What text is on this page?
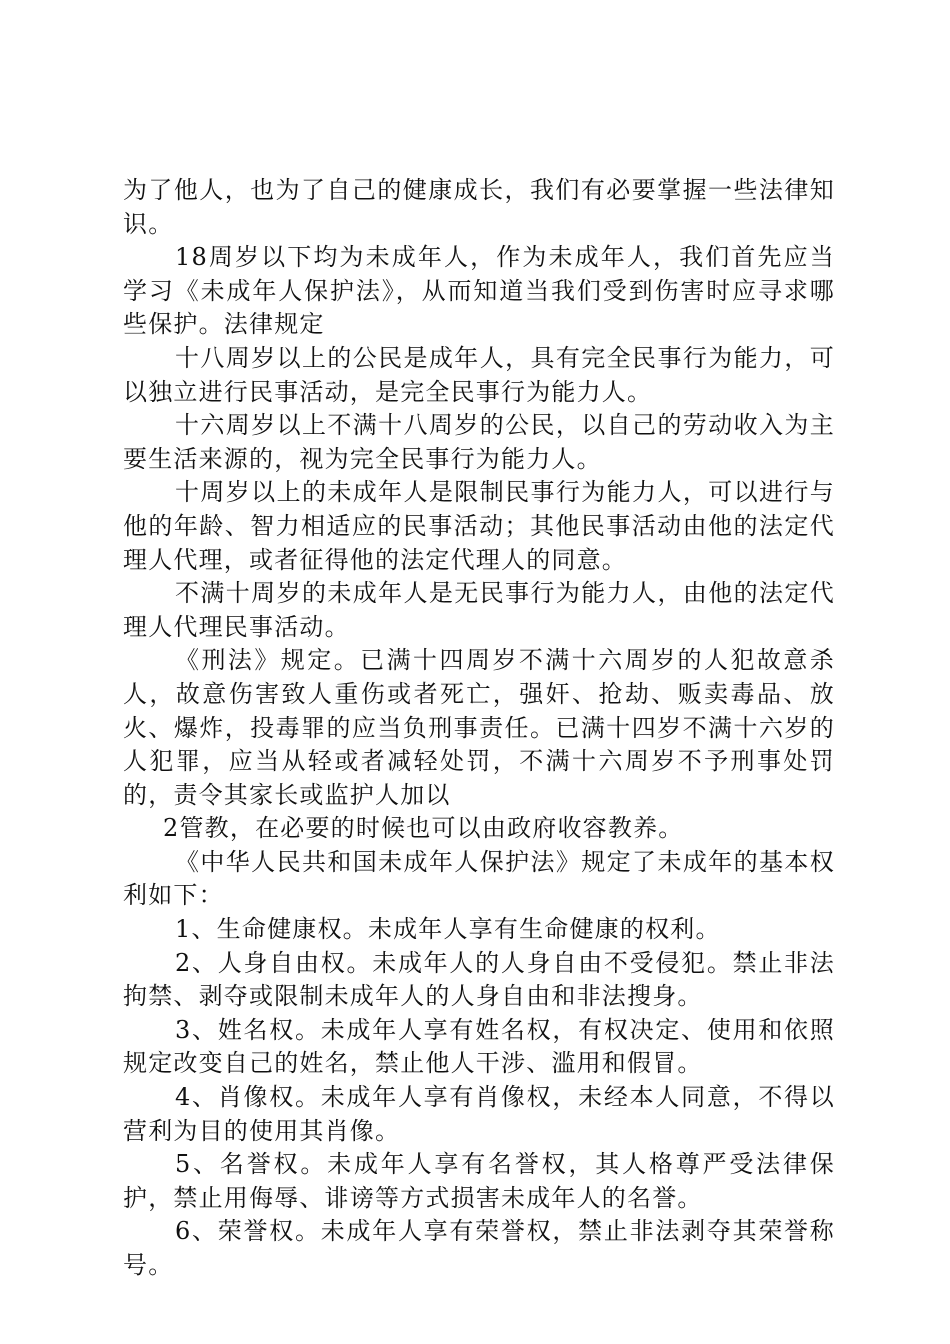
为了他人，也为了自己的健康成长，我们有必要掌握一些法律知识。

18周岁以下均为未成年人，作为未成年人，我们首先应当学习《未成年人保护法》，从而知道当我们受到伤害时应寻求哪些保护。法律规定

十八周岁以上的公民是成年人，具有完全民事行为能力，可以独立进行民事活动，是完全民事行为能力人。

十六周岁以上不满十八周岁的公民，以自己的劳动收入为主要生活来源的，视为完全民事行为能力人。

十周岁以上的未成年人是限制民事行为能力人，可以进行与他的年龄、智力相适应的民事活动；其他民事活动由他的法定代理人代理，或者征得他的法定代理人的同意。

不满十周岁的未成年人是无民事行为能力人，由他的法定代理人代理民事活动。

《刑法》规定。已满十四周岁不满十六周岁的人犯故意杀人，故意伤害致人重伤或者死亡，强奸、抢劫、贩卖毒品、放火、爆炸，投毒罪的应当负刑事责任。已满十四岁不满十六岁的人犯罪，应当从轻或者减轻处罚，不满十六周岁不予刑事处罚的，责令其家长或监护人加以

2管教，在必要的时候也可以由政府收容教养。

《中华人民共和国未成年人保护法》规定了未成年的基本权利如下：

1、生命健康权。未成年人享有生命健康的权利。

2、人身自由权。未成年人的人身自由不受侵犯。禁止非法拘禁、剥夺或限制未成年人的人身自由和非法搜身。

3、姓名权。未成年人享有姓名权，有权决定、使用和依照规定改变自己的姓名，禁止他人干涉、滥用和假冒。

4、肖像权。未成年人享有肖像权，未经本人同意，不得以营利为目的使用其肖像。

5、名誉权。未成年人享有名誉权，其人格尊严受法律保护，禁止用侮辱、诽谤等方式损害未成年人的名誉。

6、荣誉权。未成年人享有荣誉权，禁止非法剥夺其荣誉称号。
